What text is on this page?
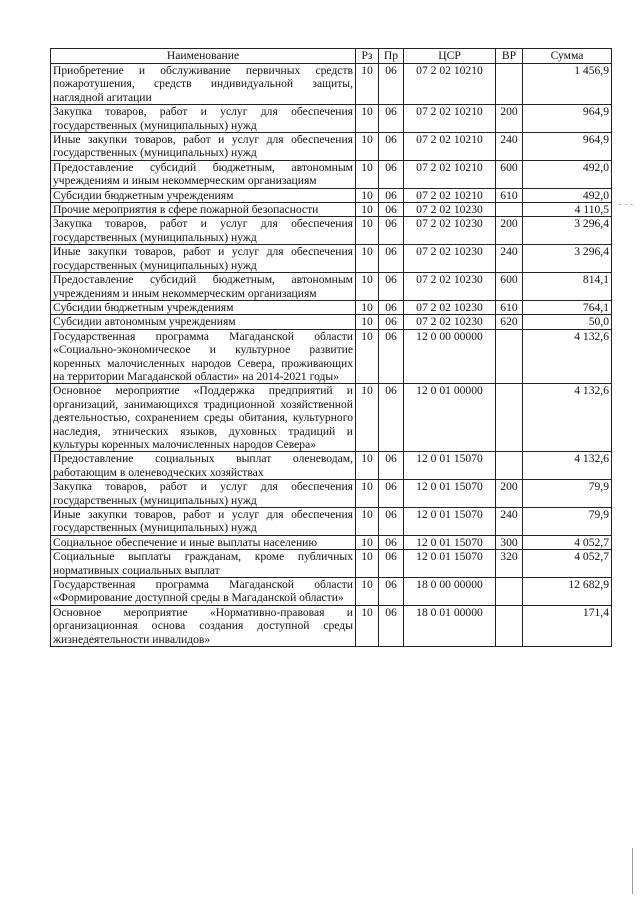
Наименование	Рз	Пр	ЦСР	ВР	Сумма
Приобретение и обслуживание первичных средств пожаротушения, средств индивидуальной защиты, наглядной агитации	10	06	07 2 02 10210		1 456,9
Закупка товаров, работ и услуг для обеспечения государственных (муниципальных) нужд	10	06	07 2 02 10210	200	964,9
Иные закупки товаров, работ и услуг для обеспечения государственных (муниципальных) нужд	10	06	07 2 02 10210	240	964,9
Предоставление субсидий бюджетным, автономным учреждениям и иным некоммерческим организациям	10	06	07 2 02 10210	600	492,0
Субсидии бюджетным учреждениям	10	06	07 2 02 10210	610	492,0
Прочие мероприятия в сфере пожарной безопасности	10	06	07 2 02 10230		4 110,5
Закупка товаров, работ и услуг для обеспечения государственных (муниципальных) нужд	10	06	07 2 02 10230	200	3 296,4
Иные закупки товаров, работ и услуг для обеспечения государственных (муниципальных) нужд	10	06	07 2 02 10230	240	3 296,4
Предоставление субсидий бюджетным, автономным учреждениям и иным некоммерческим организациям	10	06	07 2 02 10230	600	814,1
Субсидии бюджетным учреждениям	10	06	07 2 02 10230	610	764,1
Субсидии автономным учреждениям	10	06	07 2 02 10230	620	50,0
Государственная программа Магаданской области «Социально-экономическое и культурное развитие коренных малочисленных народов Севера, проживающих на территории Магаданской области» на 2014-2021 годы»	10	06	12 0 00 00000		4 132,6
Основное мероприятие «Поддержка предприятий и организаций, занимающихся традиционной хозяйственной деятельностью, сохранением среды обитания, культурного наследия, этнических языков, духовных традиций и культуры коренных малочисленных народов Севера»	10	06	12 0 01 00000		4 132,6
Предоставление социальных выплат оленеводам, работающим в оленеводческих хозяйствах	10	06	12 0 01 15070		4 132,6
Закупка товаров, работ и услуг для обеспечения государственных (муниципальных) нужд	10	06	12 0 01 15070	200	79,9
Иные закупки товаров, работ и услуг для обеспечения государственных (муниципальных) нужд	10	06	12 0 01 15070	240	79,9
Социальное обеспечение и иные выплаты населению	10	06	12 0 01 15070	300	4 052,7
Социальные выплаты гражданам, кроме публичных нормативных социальных выплат	10	06	12 0 01 15070	320	4 052,7
Государственная программа Магаданской области «Формирование доступной среды в Магаданской области»	10	06	18 0 00 00000		12 682,9
Основное мероприятие «Нормативно-правовая и организационная основа создания доступной среды жизнедеятельности инвалидов»	10	06	18 0 01 00000		171,4
